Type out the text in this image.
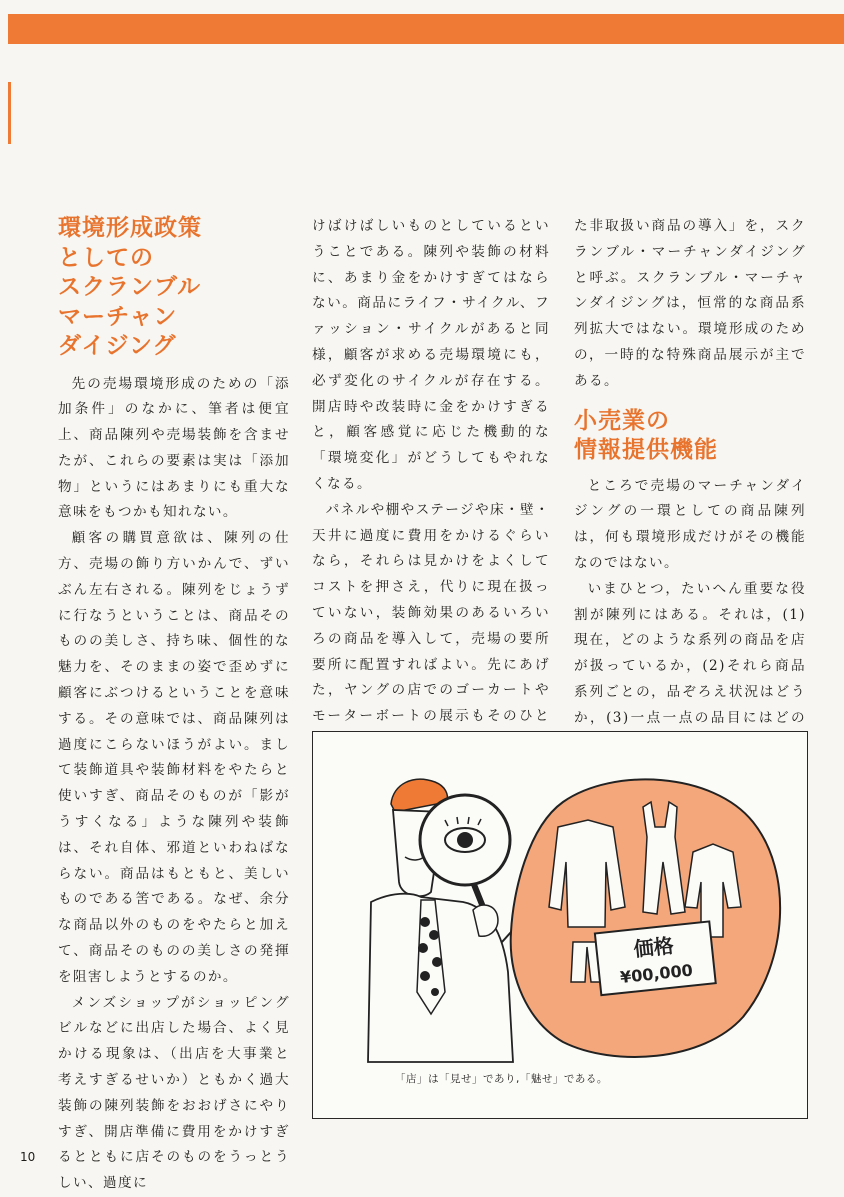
環境形成政策
としての
スクランブル
マーチャン
ダイジング

先の売場環境形成のための「添加条件」のなかに、筆者は便宜上、商品陳列や売場装飾を含ませたが、これらの要素は実は「添加物」というにはあまりにも重大な意味をもつかも知れない。

顧客の購買意欲は、陳列の仕方、売場の飾り方いかんで、ずいぶん左右される。陳列をじょうずに行なうということは、商品そのものの美しさ、持ち味、個性的な魅力を、そのままの姿で歪めずに顧客にぶつけるということを意味する。その意味では、商品陳列は過度にこらないほうがよい。まして装飾道具や装飾材料をやたらと使いすぎ、商品そのものが「影がうすくなる」ような陳列や装飾は、それ自体、邪道といわねばならない。商品はもともと、美しいものである筈である。なぜ、余分な商品以外のものをやたらと加えて、商品そのものの美しさの発揮を阻害しようとするのか。

メンズショップがショッピングビルなどに出店した場合、よく見かける現象は、（出店を大事業と考えすぎるせいか）ともかく過大装飾の陳列装飾をおおげさにやりすぎ、開店準備に費用をかけすぎるとともに店そのものをうっとうしい、過度に

けばけばしいものとしているということである。陳列や装飾の材料に、あまり金をかけすぎてはならない。商品にライフ・サイクル、ファッション・サイクルがあると同様，顧客が求める売場環境にも，必ず変化のサイクルが存在する。開店時や改装時に金をかけすぎると，顧客感覚に応じた機動的な「環境変化」がどうしてもやれなくなる。

パネルや棚やステージや床・壁・天井に過度に費用をかけるぐらいなら，それらは見かけをよくしてコストを押さえ，代りに現在扱っていない，装飾効果のあるいろいろの商品を導入して，売場の要所要所に配置すればよい。先にあげた，ヤングの店でのゴーカートやモーターボートの展示もそのひと

た非取扱い商品の導入」を，スクランブル・マーチャンダイジングと呼ぶ。スクランブル・マーチャンダイジングは，恒常的な商品系列拡大ではない。環境形成のための，一時的な特殊商品展示が主である。

小売業の
情報提供機能

ところで売場のマーチャンダイジングの一環としての商品陳列は，何も環境形成だけがその機能なのではない。

いまひとつ，たいへん重要な役割が陳列にはある。それは，(1)現在，どのような系列の商品を店が扱っているか，(2)それら商品系列ごとの，品ぞろえ状況はどうか，(3)一点一点の品目にはどの

価格
¥00,000
「店」は「見せ」であり,「魅せ」である。
10
